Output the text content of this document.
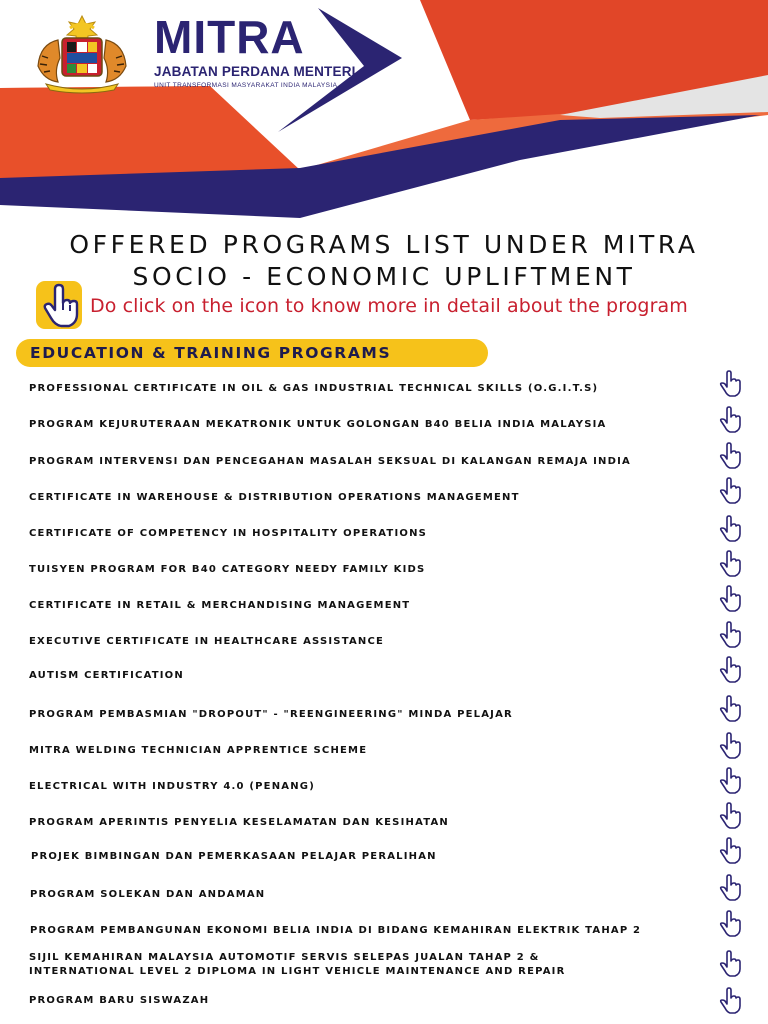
MITRA
JABATAN PERDANA MENTERI
UNIT TRANSFORMASI MASYARAKAT INDIA MALAYSIA
OFFERED PROGRAMS LIST UNDER MITRA
SOCIO - ECONOMIC UPLIFTMENT
Do click on the icon to know more in detail about the program
EDUCATION & TRAINING PROGRAMS
PROFESSIONAL CERTIFICATE IN OIL & GAS INDUSTRIAL TECHNICAL SKILLS (O.G.I.T.S)
PROGRAM KEJURUTERAAN MEKATRONIK UNTUK GOLONGAN B40 BELIA INDIA MALAYSIA
PROGRAM INTERVENSI DAN PENCEGAHAN MASALAH SEKSUAL DI KALANGAN REMAJA INDIA
CERTIFICATE IN WAREHOUSE & DISTRIBUTION OPERATIONS MANAGEMENT
CERTIFICATE OF COMPETENCY IN HOSPITALITY OPERATIONS
TUISYEN PROGRAM FOR B40 CATEGORY NEEDY FAMILY KIDS
CERTIFICATE IN RETAIL & MERCHANDISING MANAGEMENT
EXECUTIVE CERTIFICATE IN HEALTHCARE ASSISTANCE
AUTISM CERTIFICATION
PROGRAM PEMBASMIAN "DROPOUT" - "REENGINEERING" MINDA PELAJAR
MITRA WELDING TECHNICIAN APPRENTICE SCHEME
ELECTRICAL WITH INDUSTRY 4.0 (PENANG)
PROGRAM APERINTIS PENYELIA KESELAMATAN DAN KESIHATAN
PROJEK BIMBINGAN DAN PEMERKASAAN PELAJAR PERALIHAN
PROGRAM SOLEKAN DAN ANDAMAN
PROGRAM PEMBANGUNAN EKONOMI BELIA INDIA DI BIDANG KEMAHIRAN ELEKTRIK TAHAP 2
SIJIL KEMAHIRAN MALAYSIA AUTOMOTIF SERVIS SELEPAS JUALAN TAHAP 2 &
INTERNATIONAL LEVEL 2 DIPLOMA IN LIGHT VEHICLE MAINTENANCE AND REPAIR
PROGRAM BARU SISWAZAH
